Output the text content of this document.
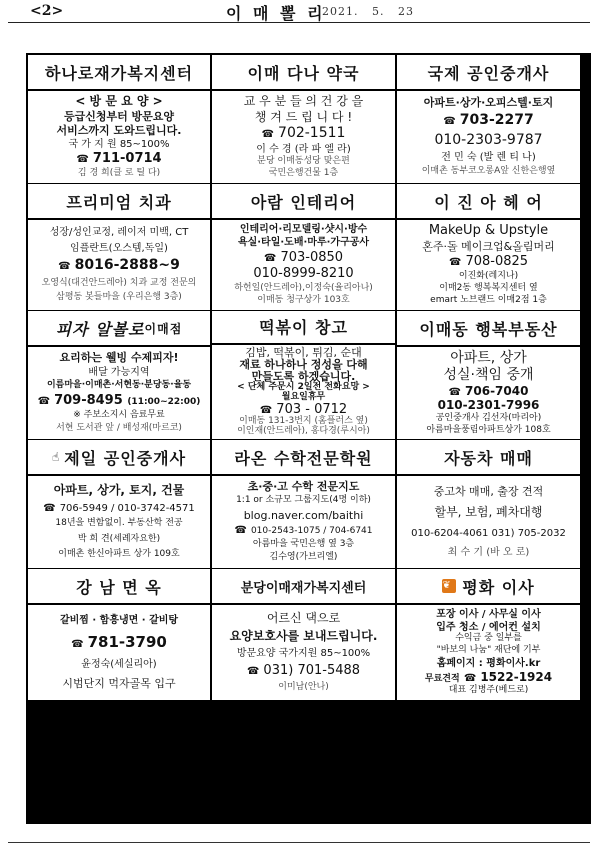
<2>	이 매 뽈 리
2021.   5.   23
하나로재가복지센터
< 방 문 요 양 >
등급신청부터 방문요양
서비스까지 도와드립니다.
국 가 지 원 85~100%
☎ 711-0714
김 경 희(클 로 틸 다)
이매 다나 약국
교 우 분 들 의 건 강 을
챙 겨 드 립 니 다 !
☎ 702-1511
이 수 경 (라 파 엘 라)
분당 이매동성당 맞은편
국민은행건물 1층
국제 공인중개사
아파트·상가·오피스텔·토지
☎ 703-2277
010-2303-9787
전 민 숙 (발 렌 티 나)
이매촌 동부코오롱A앞 신한은행옆
프리미엄 치과
성장/성인교정, 레이저 미백, CT
임플란트(오스템,독일)
☎ 8016-2888~9
오영식(대건안드레아) 치과 교정 전문의
삼평동 봇들마을 (우리은행 3층)
아람 인테리어
인테리어·리모델링·샷시·방수
욕실·타일·도배·마루·가구공사
☎ 703-0850
010-8999-8210
하헌일(안드레아),이정숙(율리아나)
이매동 청구상가 103호
이 진 아 헤 어
MakeUp & Upstyle
혼주·돌 메이크업&올림머리
☎ 708-0825
이진화(레지나)
이매2동 행복복지센터 옆
emart 노브랜드 이매2점 1층
피자 알볼로 이매점
요리하는 웰빙 수제피자!
배달 가능지역
이름마을·이매촌·서현동·분당동·율동
☎ 709-8495 (11:00~22:00)
※ 주보소지시 음료무료
서현 도서관 앞 / 배성재(마르코)
떡볶이 창고
김밥, 떡볶이, 튀김, 순대
재료 하나하나 정성을 다해
만들도록 하겠습니다.
< 단체 주문시 2일전 전화요망 >
월요일휴무
☎ 703 - 0712
이매동 131-3번지 (홈플러스 옆)
이인재(안드레아), 홍다경(루시아)
이매동 행복부동산
아파트, 상가
성실·책임 중개
☎ 706-7040
010-2301-7996
공인중개사 김선자(마리아)
아름마을풍림아파트상가 108호
☝ 제일 공인중개사
아파트, 상가, 토지, 건물
☎ 706-5949 / 010-3742-4571
18년을 변함없이. 부동산학 전공
박 희 견(세례자요한)
이매촌 한신아파트 상가 109호
라온 수학전문학원
초·중·고 수학 전문지도
1:1 or 소규모 그룹지도(4명 이하)
blog.naver.com/baithi
☎ 010-2543-1075 / 704-6741
아름마을 국민은행 옆 3층
김수영(가브리엘)
자동차 매매
중고차 매매, 출장 견적
할부, 보험, 폐차대행
010-6204-4061 031) 705-2032
최 수 기 (바 오 로)
강 남 면 옥
갈비찜 · 함흥냉면 · 갈비탕
☎ 781-3790
윤정숙(세실리아)
시범단지 먹자골목 입구
분당이매재가복지센터
어르신 댁으로
요양보호사를 보내드립니다.
방문요양 국가지원 85~100%
☎ 031) 701-5488
이미남(안나)
❦ 평화 이사
포장 이사 / 사무실 이사
입주 청소 / 에어컨 설치
수익금 중 일부를
"바보의 나눔" 재단에 기부
홈페이지 : 평화이사.kr
무료견적 ☎ 1522-1924
대표 김병주(베드로)
